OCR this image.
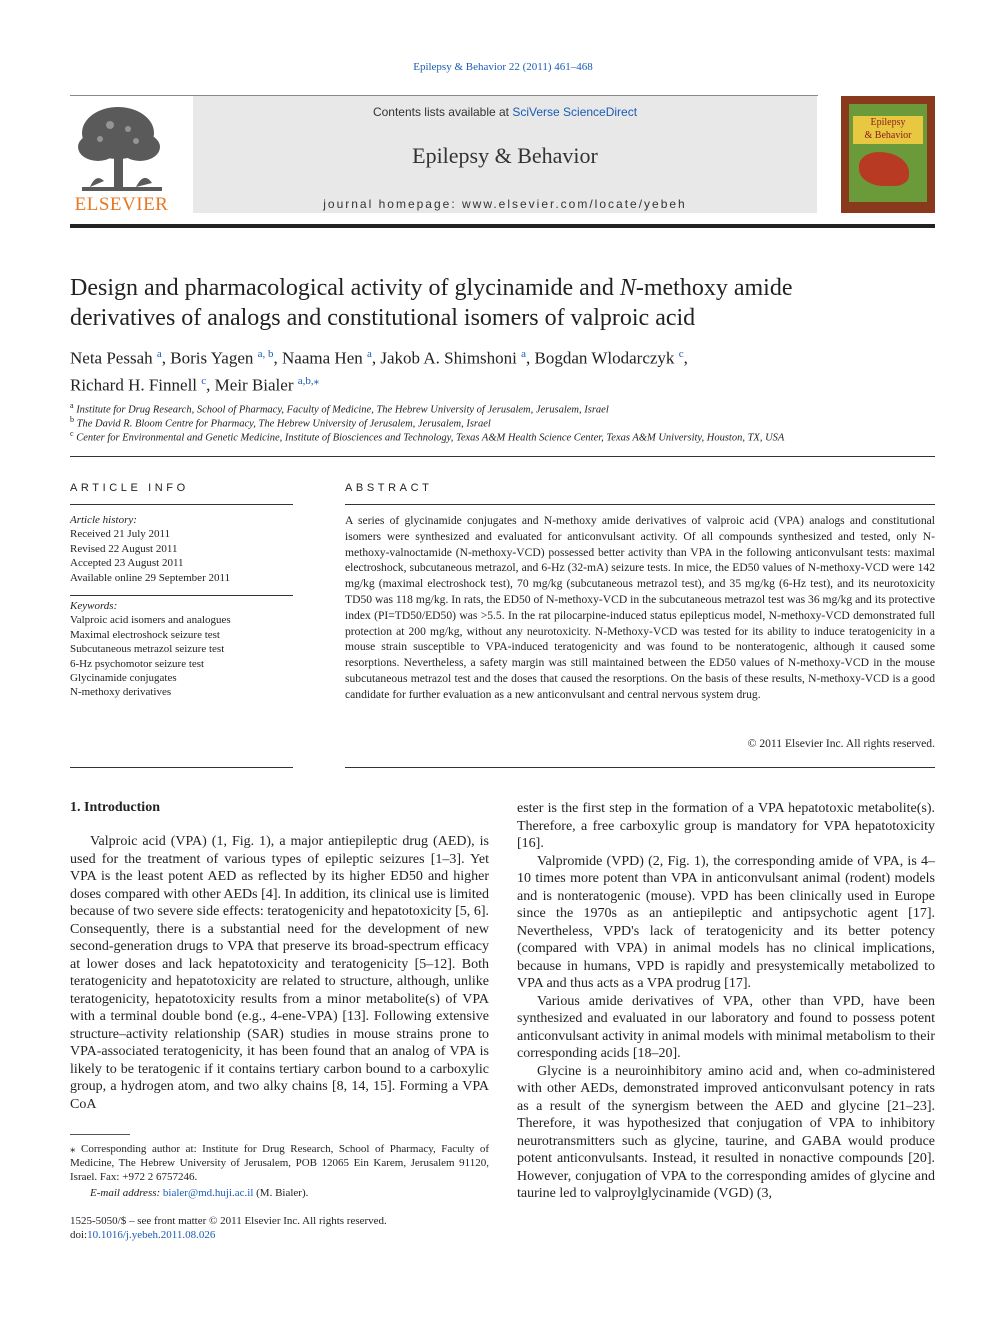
Epilepsy & Behavior 22 (2011) 461–468
Contents lists available at SciVerse ScienceDirect
Epilepsy & Behavior
journal homepage: www.elsevier.com/locate/yebeh
ELSEVIER
Epilepsy
& Behavior
Design and pharmacological activity of glycinamide and N-methoxy amide
derivatives of analogs and constitutional isomers of valproic acid
Neta Pessah $^a$, Boris Yagen $^{a, b}$, Naama Hen $^a$, Jakob A. Shimshoni $^a$, Bogdan Wlodarczyk $^c$,
Richard H. Finnell $^c$, Meir Bialer $^{a,b,⁎}$
$^a$ Institute for Drug Research, School of Pharmacy, Faculty of Medicine, The Hebrew University of Jerusalem, Jerusalem, Israel
$^b$ The David R. Bloom Centre for Pharmacy, The Hebrew University of Jerusalem, Jerusalem, Israel
$^c$ Center for Environmental and Genetic Medicine, Institute of Biosciences and Technology, Texas A&M Health Science Center, Texas A&M University, Houston, TX, USA
ARTICLE INFO
Article history:
Received 21 July 2011
Revised 22 August 2011
Accepted 23 August 2011
Available online 29 September 2011
Keywords:
Valproic acid isomers and analogues
Maximal electroshock seizure test
Subcutaneous metrazol seizure test
6-Hz psychomotor seizure test
Glycinamide conjugates
N-methoxy derivatives
ABSTRACT
A series of glycinamide conjugates and N-methoxy amide derivatives of valproic acid (VPA) analogs and constitutional isomers were synthesized and evaluated for anticonvulsant activity. Of all compounds synthesized and tested, only N-methoxy-valnoctamide (N-methoxy-VCD) possessed better activity than VPA in the following anticonvulsant tests: maximal electroshock, subcutaneous metrazol, and 6-Hz (32-mA) seizure tests. In mice, the ED50 values of N-methoxy-VCD were 142 mg/kg (maximal electroshock test), 70 mg/kg (subcutaneous metrazol test), and 35 mg/kg (6-Hz test), and its neurotoxicity TD50 was 118 mg/kg. In rats, the ED50 of N-methoxy-VCD in the subcutaneous metrazol test was 36 mg/kg and its protective index (PI=TD50/ED50) was >5.5. In the rat pilocarpine-induced status epilepticus model, N-methoxy-VCD demonstrated full protection at 200 mg/kg, without any neurotoxicity. N-Methoxy-VCD was tested for its ability to induce teratogenicity in a mouse strain susceptible to VPA-induced teratogenicity and was found to be nonteratogenic, although it caused some resorptions. Nevertheless, a safety margin was still maintained between the ED50 values of N-methoxy-VCD in the mouse subcutaneous metrazol test and the doses that caused the resorptions. On the basis of these results, N-methoxy-VCD is a good candidate for further evaluation as a new anticonvulsant and central nervous system drug.
© 2011 Elsevier Inc. All rights reserved.
1. Introduction

Valproic acid (VPA) (1, Fig. 1), a major antiepileptic drug (AED), is used for the treatment of various types of epileptic seizures [1–3]. Yet VPA is the least potent AED as reflected by its higher ED50 and higher doses compared with other AEDs [4]. In addition, its clinical use is limited because of two severe side effects: teratogenicity and hepatotoxicity [5, 6]. Consequently, there is a substantial need for the development of new second-generation drugs to VPA that preserve its broad-spectrum efficacy at lower doses and lack hepatotoxicity and teratogenicity [5–12]. Both teratogenicity and hepatotoxicity are related to structure, although, unlike teratogenicity, hepatotoxicity results from a minor metabolite(s) of VPA with a terminal double bond (e.g., 4-ene-VPA) [13]. Following extensive structure–activity relationship (SAR) studies in mouse strains prone to VPA-associated teratogenicity, it has been found that an analog of VPA is likely to be teratogenic if it contains tertiary carbon bound to a carboxylic group, a hydrogen atom, and two alky chains [8, 14, 15]. Forming a VPA CoA

ester is the first step in the formation of a VPA hepatotoxic metabolite(s). Therefore, a free carboxylic group is mandatory for VPA hepatotoxicity [16].

Valpromide (VPD) (2, Fig. 1), the corresponding amide of VPA, is 4–10 times more potent than VPA in anticonvulsant animal (rodent) models and is nonteratogenic (mouse). VPD has been clinically used in Europe since the 1970s as an antiepileptic and antipsychotic agent [17]. Nevertheless, VPD's lack of teratogenicity and its better potency (compared with VPA) in animal models has no clinical implications, because in humans, VPD is rapidly and presystemically metabolized to VPA and thus acts as a VPA prodrug [17].

Various amide derivatives of VPA, other than VPD, have been synthesized and evaluated in our laboratory and found to possess potent anticonvulsant activity in animal models with minimal metabolism to their corresponding acids [18–20].

Glycine is a neuroinhibitory amino acid and, when co-administered with other AEDs, demonstrated improved anticonvulsant potency in rats as a result of the synergism between the AED and glycine [21–23]. Therefore, it was hypothesized that conjugation of VPA to inhibitory neurotransmitters such as glycine, taurine, and GABA would produce potent anticonvulsants. Instead, it resulted in nonactive compounds [20]. However, conjugation of VPA to the corresponding amides of glycine and taurine led to valproylglycinamide (VGD) (3,

⁎ Corresponding author at: Institute for Drug Research, School of Pharmacy, Faculty of Medicine, The Hebrew University of Jerusalem, POB 12065 Ein Karem, Jerusalem 91120, Israel. Fax: +972 2 6757246.
E-mail address: bialer@md.huji.ac.il (M. Bialer).
1525-5050/$ – see front matter © 2011 Elsevier Inc. All rights reserved.
doi:10.1016/j.yebeh.2011.08.026
